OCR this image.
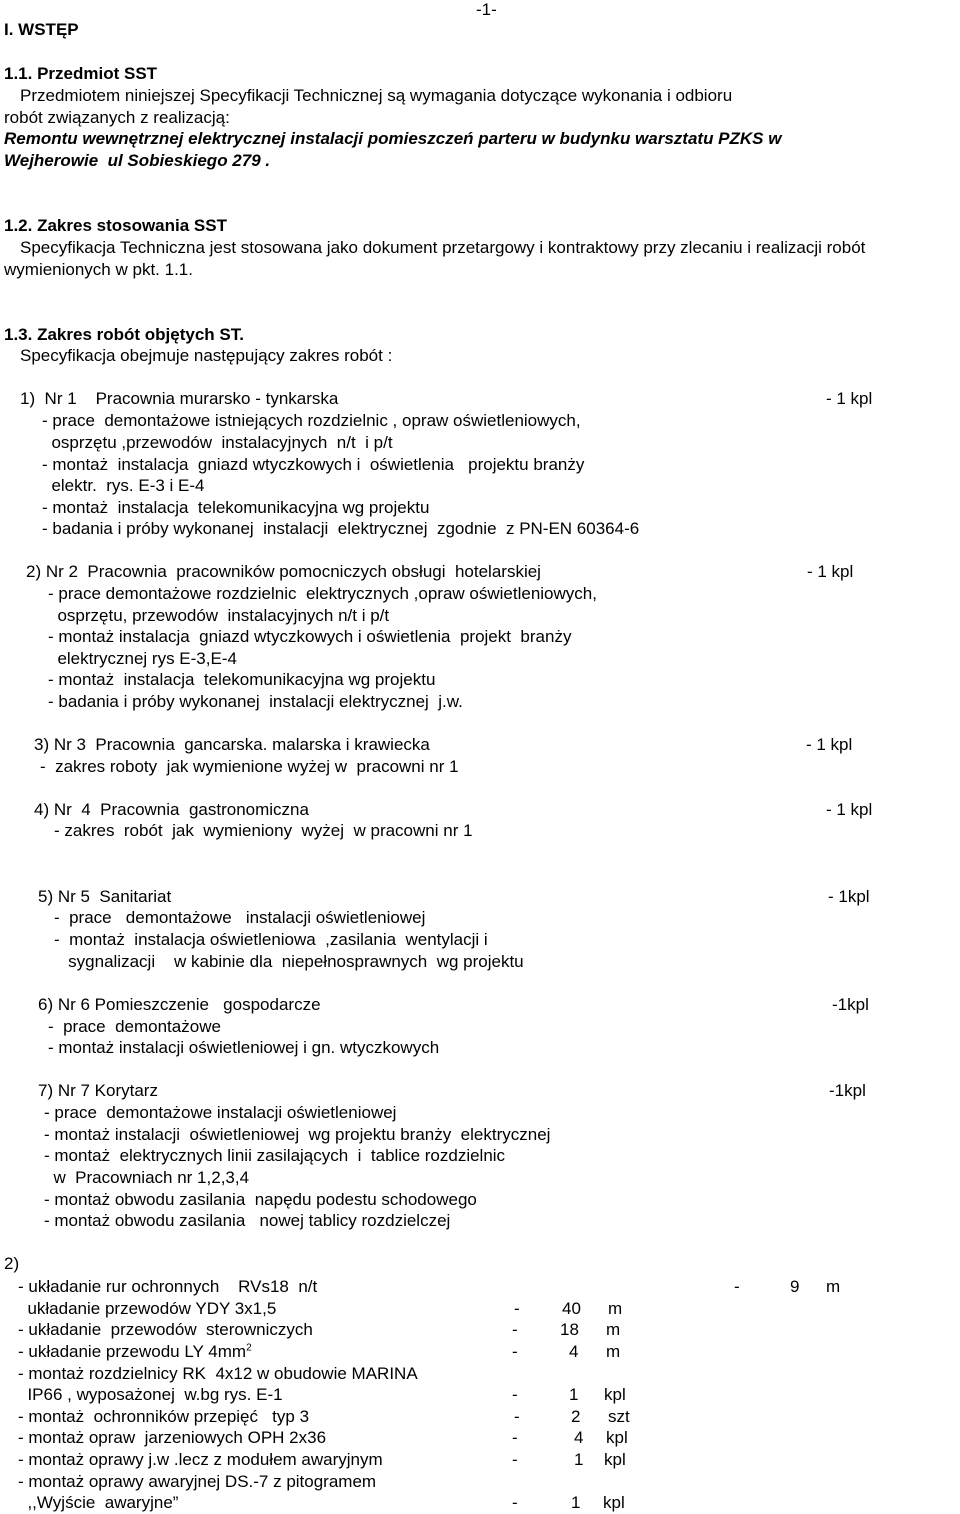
-1-
I. WSTĘP
1.1. Przedmiot SST
Przedmiotem niniejszej Specyfikacji Technicznej są wymagania dotyczące wykonania i odbioru
robót związanych z realizacją:
Remontu wewnętrznej elektrycznej instalacji pomieszczeń parteru w budynku warsztatu PZKS w
Wejherowie  ul Sobieskiego 279 .
1.2. Zakres stosowania SST
Specyfikacja Techniczna jest stosowana jako dokument przetargowy i kontraktowy przy zlecaniu i realizacji robót
wymienionych w pkt. 1.1.
1.3. Zakres robót objętych ST.
Specyfikacja obejmuje następujący zakres robót :
1)  Nr 1    Pracownia murarsko - tynkarska	- 1 kpl
- prace  demontażowe istniejących rozdzielnic , opraw oświetleniowych,
osprzętu ,przewodów  instalacyjnych  n/t  i p/t
- montaż  instalacja  gniazd wtyczkowych i  oświetlenia   projektu branży
elektr.  rys. E-3 i E-4
- montaż  instalacja  telekomunikacyjna wg projektu
- badania i próby wykonanej  instalacji  elektrycznej  zgodnie  z PN-EN 60364-6
2) Nr 2  Pracownia  pracowników pomocniczych obsługi  hotelarskiej	- 1 kpl
- prace demontażowe rozdzielnic  elektrycznych ,opraw oświetleniowych,
osprzętu, przewodów  instalacyjnych n/t i p/t
- montaż instalacja  gniazd wtyczkowych i oświetlenia  projekt  branży
elektrycznej rys E-3,E-4
- montaż  instalacja  telekomunikacyjna wg projektu
- badania i próby wykonanej  instalacji elektrycznej  j.w.
3) Nr 3  Pracownia  gancarska. malarska i krawiecka	- 1 kpl
-  zakres roboty  jak wymienione wyżej w  pracowni nr 1
4) Nr  4  Pracownia  gastronomiczna	- 1 kpl
- zakres  robót  jak  wymieniony  wyżej  w pracowni nr 1
5) Nr 5  Sanitariat	- 1kpl
-  prace   demontażowe   instalacji oświetleniowej
-  montaż  instalacja oświetleniowa  ,zasilania  wentylacji i
sygnalizacji    w kabinie dla  niepełnosprawnych  wg projektu
6) Nr 6 Pomieszczenie   gospodarcze	-1kpl
-  prace  demontażowe
- montaż instalacji oświetleniowej i gn. wtyczkowych
7) Nr 7 Korytarz	-1kpl
- prace  demontażowe instalacji oświetleniowej
- montaż instalacji  oświetleniowej  wg projektu branży  elektrycznej
- montaż  elektrycznych linii zasilających  i  tablice rozdzielnic
w  Pracowniach nr 1,2,3,4
- montaż obwodu zasilania  napędu podestu schodowego
- montaż obwodu zasilania   nowej tablicy rozdzielczej
2)
- układanie rur ochronnych    RVs18  n/t	-	9 m
układanie przewodów YDY 3x1,5	- 40 m
- układanie  przewodów  sterowniczych	- 18 m
- układanie przewodu LY $4mm^2$	-	4 m
- montaż rozdzielnicy RK  4x12 w obudowie MARINA
IP66 , wyposażonej  w.bg rys. E-1	-	1 kpl
- montaż  ochronników przepięć   typ 3	-	2 szt
- montaż opraw  jarzeniowych OPH 2x36	-	4 kpl
- montaż oprawy j.w .lecz z modułem awaryjnym	-	1 kpl
- montaż oprawy awaryjnej DS.-7 z pitogramem
,,Wyjście  awaryjne”	-	1 kpl
